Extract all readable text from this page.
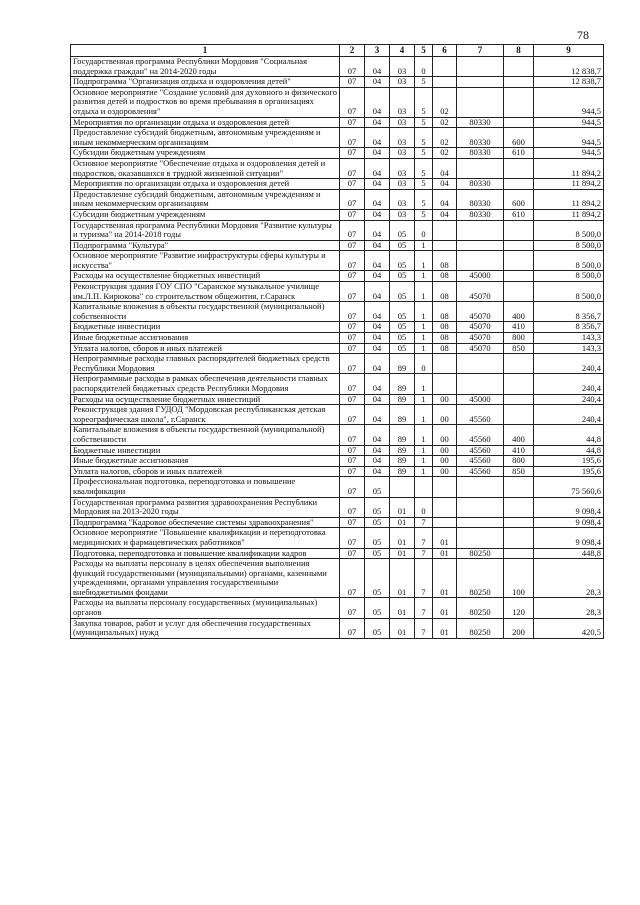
78
1	2	3	4	5	6	7	8	9
Государственная программа Республики Мордовия "Социальная поддержка граждан" на 2014-2020 годы	07	04	03	0				12 838,7
Подпрограмма "Организация отдыха и оздоровления детей"	07	04	03	5				12 838,7
Основное мероприятие "Создание условий для духовного и физического развития детей и подростков во время пребывания в организациях отдыха и оздоровления"	07	04	03	5	02			944,5
Мероприятия по организации отдыха и оздоровления детей	07	04	03	5	02	80330		944,5
Предоставление субсидий бюджетным, автономным учреждениям и иным некоммерческим организациям	07	04	03	5	02	80330	600	944,5
Субсидии бюджетным учреждениям	07	04	03	5	02	80330	610	944,5
Основное мероприятие "Обеспечение отдыха и оздоровления детей и подростков, оказавшихся в трудной жизненной ситуации"	07	04	03	5	04			11 894,2
Мероприятия по организации отдыха и оздоровления детей	07	04	03	5	04	80330		11 894,2
Предоставление субсидий бюджетным, автономным учреждениям и иным некоммерческим организациям	07	04	03	5	04	80330	600	11 894,2
Субсидии бюджетным учреждениям	07	04	03	5	04	80330	610	11 894,2
Государственная программа Республики Мордовия "Развитие культуры и туризма" на 2014-2018 годы	07	04	05	0				8 500,0
Подпрограмма "Культура"	07	04	05	1				8 500,0
Основное мероприятие "Развитие инфраструктуры сферы культуры и искусства"	07	04	05	1	08			8 500,0
Расходы на осуществление бюджетных инвестиций	07	04	05	1	08	45000		8 500,0
Реконструкция здания ГОУ СПО "Саранское музыкальное училище им.Л.П. Кирюкова" со строительством общежития, г.Саранск	07	04	05	1	08	45070		8 500,0
Капитальные вложения в объекты государственной (муниципальной) собственности	07	04	05	1	08	45070	400	8 356,7
Бюджетные инвестиции	07	04	05	1	08	45070	410	8 356,7
Иные бюджетные ассигнования	07	04	05	1	08	45070	800	143,3
Уплата налогов, сборов и иных платежей	07	04	05	1	08	45070	850	143,3
Непрограммные расходы главных распорядителей бюджетных средств Республики Мордовия	07	04	89	0				240,4
Непрограммные расходы в рамках обеспечения деятельности главных распорядителей бюджетных средств Республики Мордовия	07	04	89	1				240,4
Расходы на осуществление бюджетных инвестиций	07	04	89	1	00	45000		240,4
Реконструкция здания ГУДОД "Мордовская республиканская детская хореографическая школа", г.Саранск	07	04	89	1	00	45560		240,4
Капитальные вложения в объекты государственной (муниципальной) собственности	07	04	89	1	00	45560	400	44,8
Бюджетные инвестиции	07	04	89	1	00	45560	410	44,8
Иные бюджетные ассигнования	07	04	89	1	00	45560	800	195,6
Уплата налогов, сборов и иных платежей	07	04	89	1	00	45560	850	195,6
Профессиональная подготовка, переподготовка и повышение квалификации	07	05						75 560,6
Государственная программа развития здравоохранения Республики Мордовия на 2013-2020 годы	07	05	01	0				9 098,4
Подпрограмма "Кадровое обеспечение системы здравоохранения"	07	05	01	7				9 098,4
Основное мероприятие "Повышение квалификации и переподготовка медицинских и фармацевтических работников"	07	05	01	7	01			9 098,4
Подготовка, переподготовка и повышение квалификации кадров	07	05	01	7	01	80250		448,8
Расходы на выплаты персоналу в целях обеспечения выполнения функций государственными (муниципальными) органами, казенными учреждениями, органами управления государственными внебюджетными фондами	07	05	01	7	01	80250	100	28,3
Расходы на выплаты персоналу государственных (муниципальных) органов	07	05	01	7	01	80250	120	28,3
Закупка товаров, работ и услуг для обеспечения государственных (муниципальных) нужд	07	05	01	7	01	80250	200	420,5
